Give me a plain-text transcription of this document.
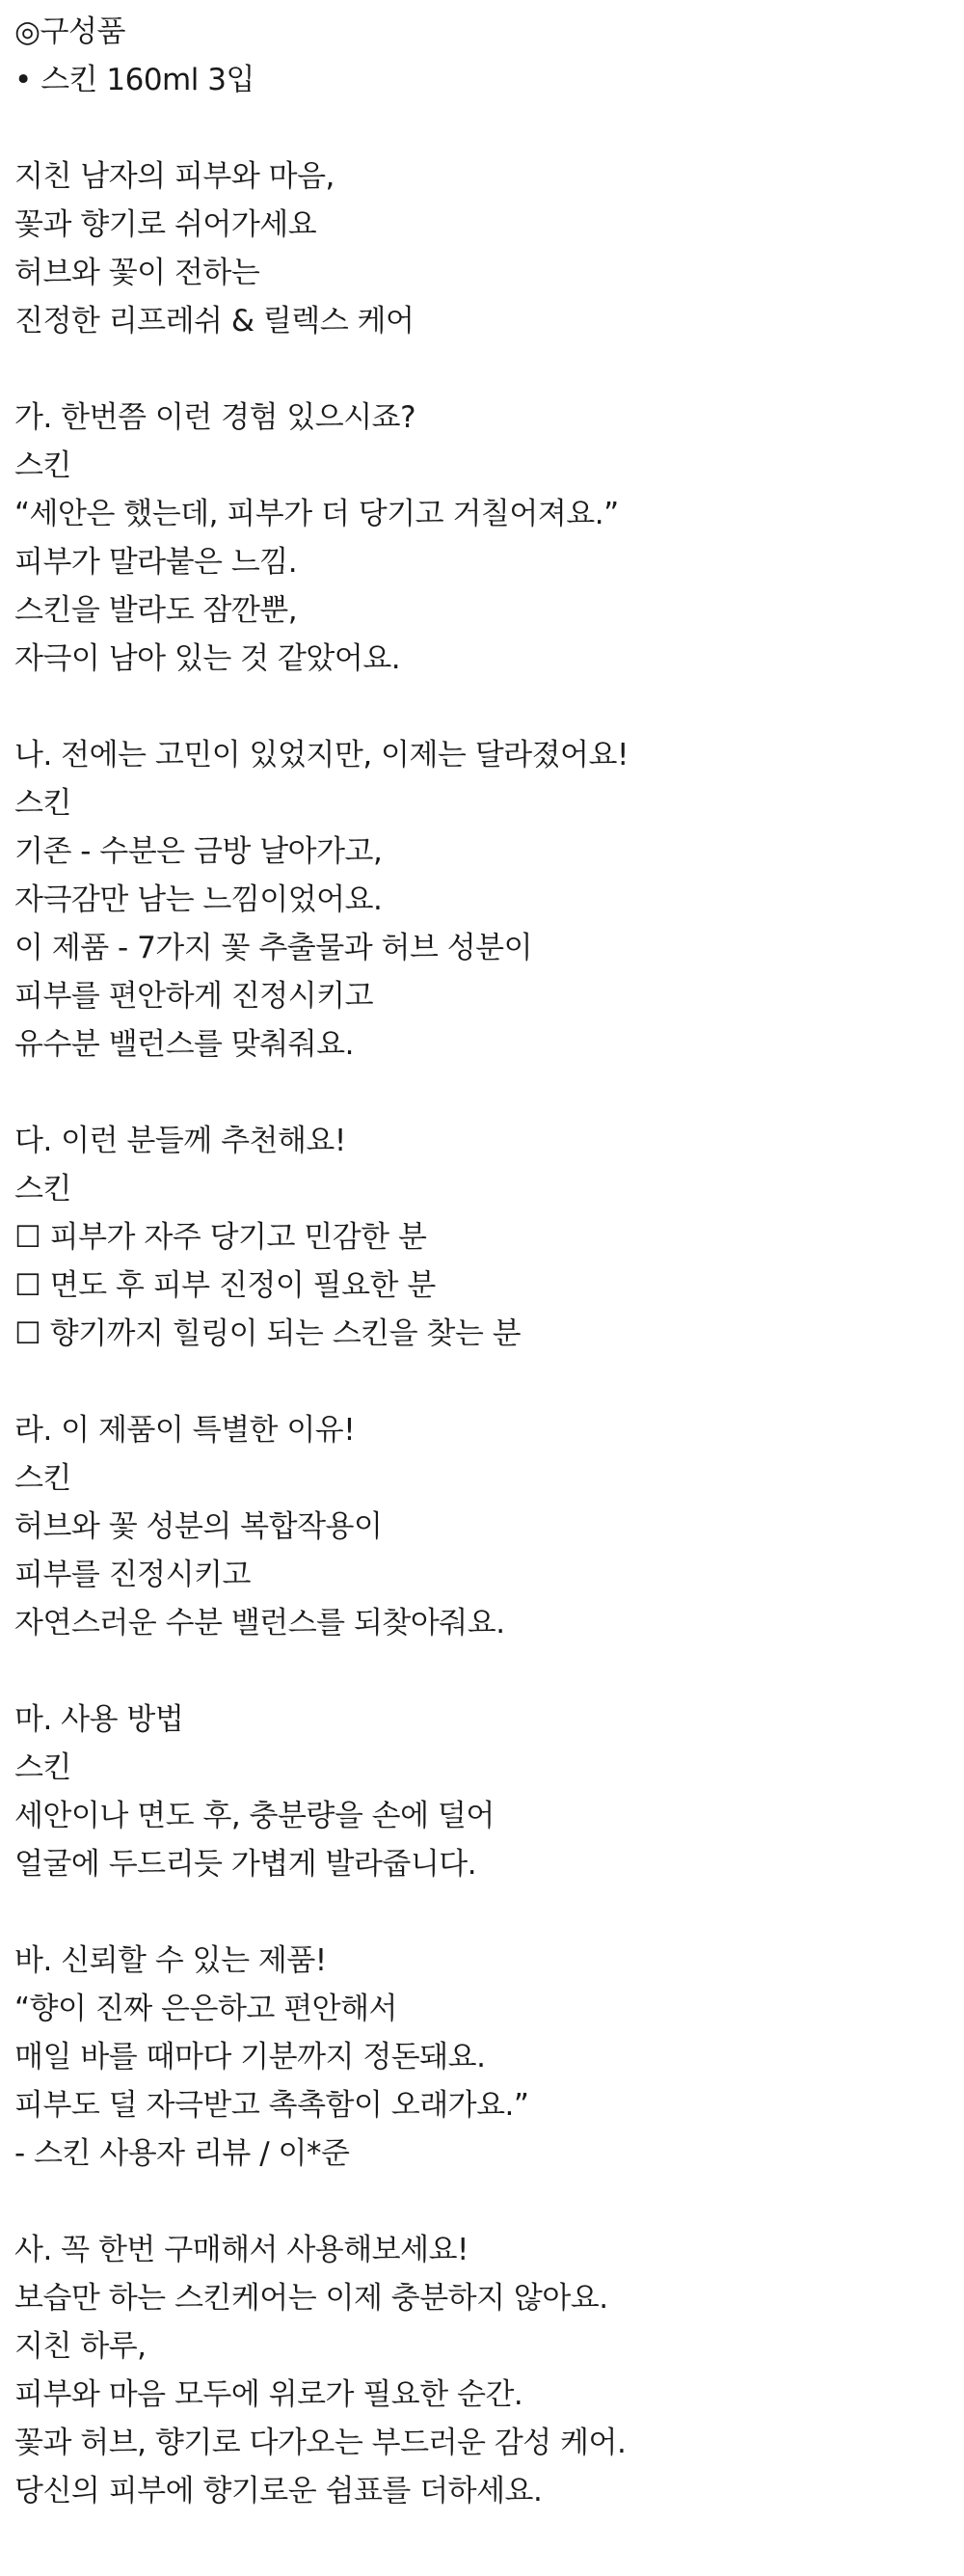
◎구성품
• 스킨 160ml 3입
지친 남자의 피부와 마음,
꽃과 향기로 쉬어가세요
허브와 꽃이 전하는
진정한 리프레쉬 & 릴렉스 케어
가. 한번쯤 이런 경험 있으시죠?
스킨
“세안은 했는데, 피부가 더 당기고 거칠어져요.”
피부가 말라붙은 느낌.
스킨을 발라도 잠깐뿐,
자극이 남아 있는 것 같았어요.
나. 전에는 고민이 있었지만, 이제는 달라졌어요!
스킨
기존 - 수분은 금방 날아가고,
자극감만 남는 느낌이었어요.
이 제품 - 7가지 꽃 추출물과 허브 성분이
피부를 편안하게 진정시키고
유수분 밸런스를 맞춰줘요.
다. 이런 분들께 추천해요!
스킨
☐ 피부가 자주 당기고 민감한 분
☐ 면도 후 피부 진정이 필요한 분
☐ 향기까지 힐링이 되는 스킨을 찾는 분
라. 이 제품이 특별한 이유!
스킨
허브와 꽃 성분의 복합작용이
피부를 진정시키고
자연스러운 수분 밸런스를 되찾아줘요.
마. 사용 방법
스킨
세안이나 면도 후, 충분량을 손에 덜어
얼굴에 두드리듯 가볍게 발라줍니다.
바. 신뢰할 수 있는 제품!
“향이 진짜 은은하고 편안해서
매일 바를 때마다 기분까지 정돈돼요.
피부도 덜 자극받고 촉촉함이 오래가요.”
- 스킨 사용자 리뷰 / 이*준
사. 꼭 한번 구매해서 사용해보세요!
보습만 하는 스킨케어는 이제 충분하지 않아요.
지친 하루,
피부와 마음 모두에 위로가 필요한 순간.
꽃과 허브, 향기로 다가오는 부드러운 감성 케어.
당신의 피부에 향기로운 쉼표를 더하세요.
